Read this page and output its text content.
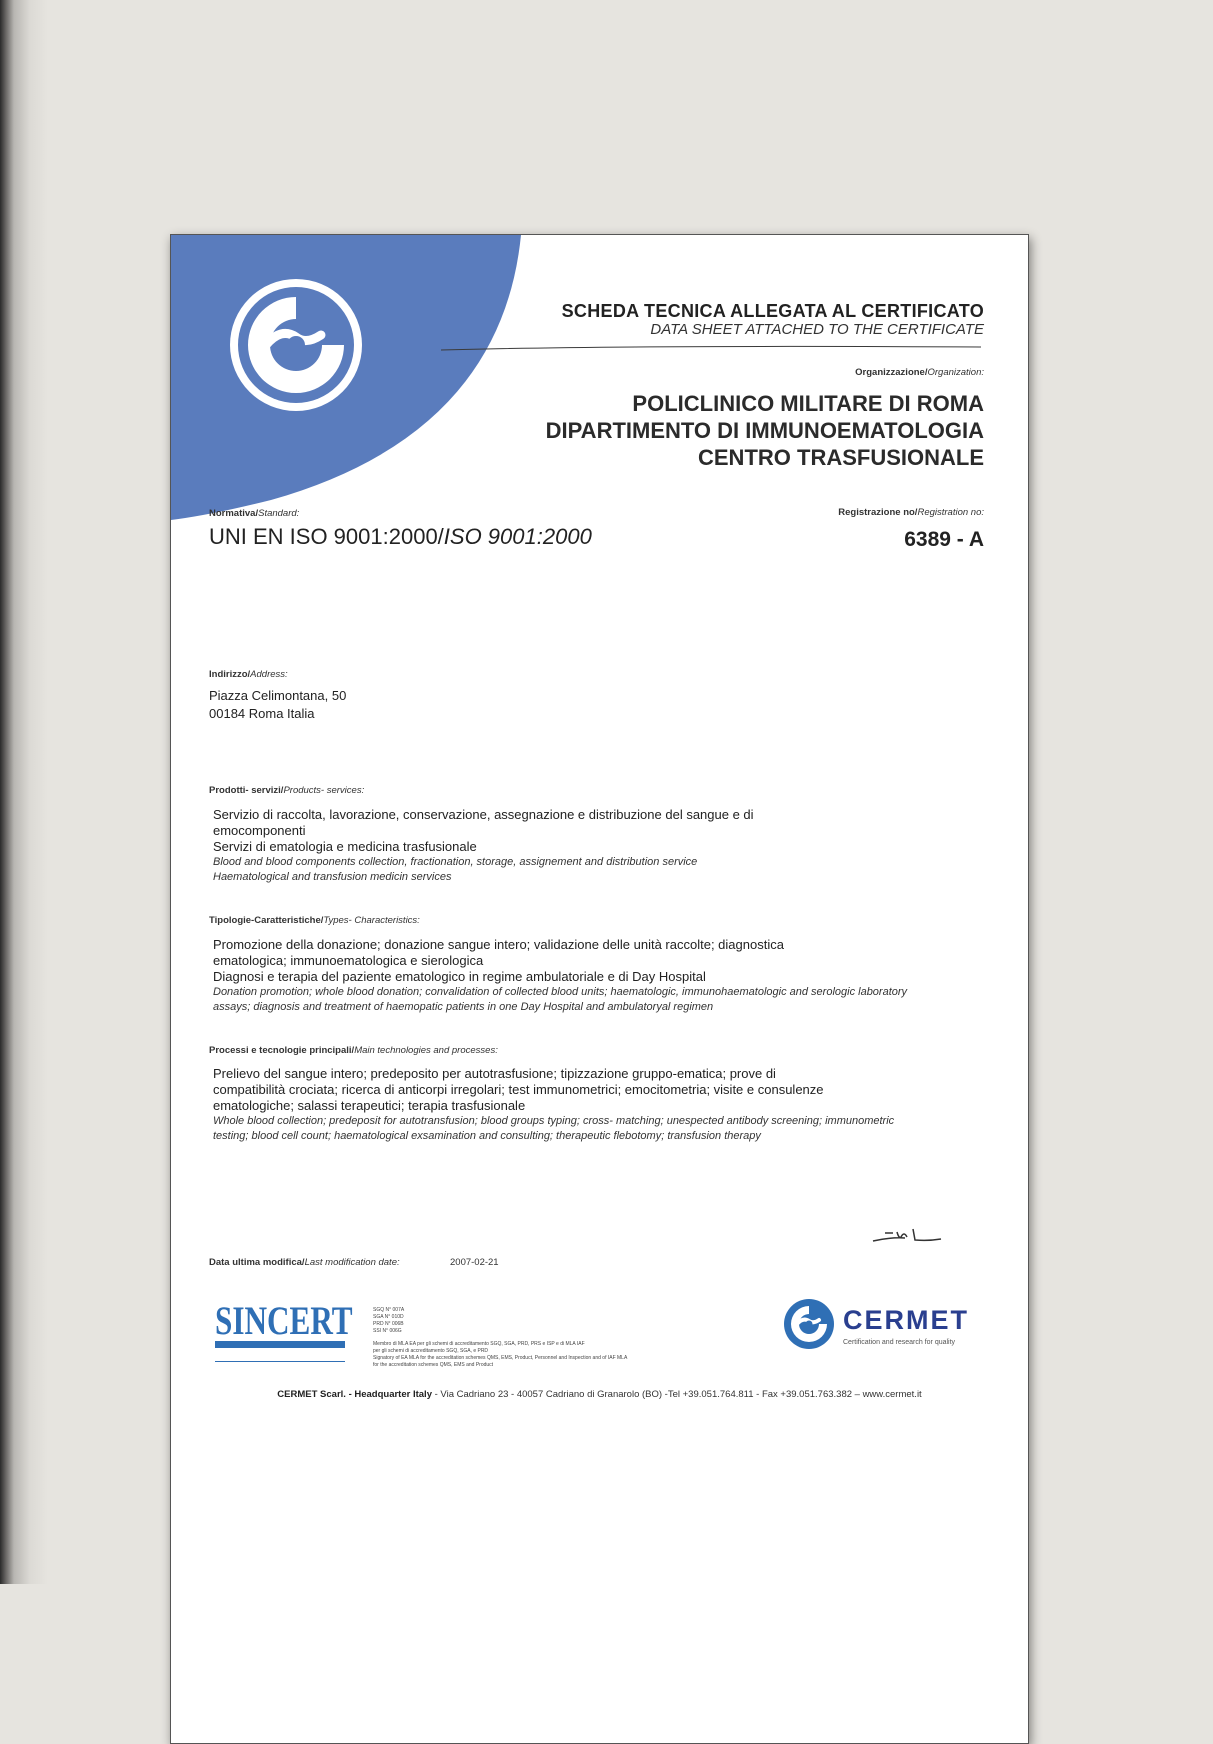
SCHEDA TECNICA ALLEGATA AL CERTIFICATO
DATA SHEET ATTACHED TO THE CERTIFICATE
Organizzazione/Organization:
POLICLINICO MILITARE DI ROMA
DIPARTIMENTO DI IMMUNOEMATOLOGIA
CENTRO TRASFUSIONALE
Normativa/Standard:
UNI EN ISO 9001:2000/ISO 9001:2000
Registrazione no/Registration no:
6389 - A
Indirizzo/Address:
Piazza Celimontana, 50
00184 Roma Italia
Prodotti- servizi/Products- services:
Servizio di raccolta, lavorazione, conservazione, assegnazione e distribuzione del sangue e di
emocomponenti
Servizi di ematologia e medicina trasfusionale
Blood and blood components collection, fractionation, storage, assignement and distribution service
Haematological and transfusion medicin services
Tipologie-Caratteristiche/Types- Characteristics:
Promozione della donazione; donazione sangue intero; validazione delle unità raccolte; diagnostica
ematologica; immunoematologica e sierologica
Diagnosi e terapia del paziente ematologico in regime ambulatoriale e di Day Hospital
Donation promotion; whole blood donation; convalidation of collected blood units; haematologic, immunohaematologic and serologic laboratory
assays; diagnosis and treatment of haemopatic patients in one Day Hospital and ambulatoryal regimen
Processi e tecnologie principali/Main technologies and processes:
Prelievo del sangue intero; predeposito per autotrasfusione; tipizzazione gruppo-ematica; prove di
compatibilità crociata; ricerca di anticorpi irregolari; test immunometrici; emocitometria; visite e consulenze
ematologiche; salassi terapeutici; terapia trasfusionale
Whole blood collection; predeposit for autotransfusion; blood groups typing; cross- matching; unespected antibody screening; immunometric
testing; blood cell count; haematological exsamination and consulting; therapeutic flebotomy; transfusion therapy
Data ultima modifica/Last modification date:	2007-02-21
SINCERT	SGQ N° 007A
SGA N° 010D
PRD N° 006B
SSI N° 006G
Membro di MLA EA per gli schemi di accreditamento SGQ, SGA, PRD, PRS e ISP e di MLA IAF
per gli schemi di accreditamento SGQ, SGA, e PRD
Signatory of EA MLA for the accreditation schemes QMS, EMS, Product, Personnel and Inspection and of IAF MLA
for the accreditation schemes QMS, EMS and Product
CERMET
Certification and research for quality
CERMET Scarl. - Headquarter Italy - Via Cadriano 23 - 40057 Cadriano di Granarolo (BO) -Tel +39.051.764.811 - Fax +39.051.763.382 – www.cermet.it
